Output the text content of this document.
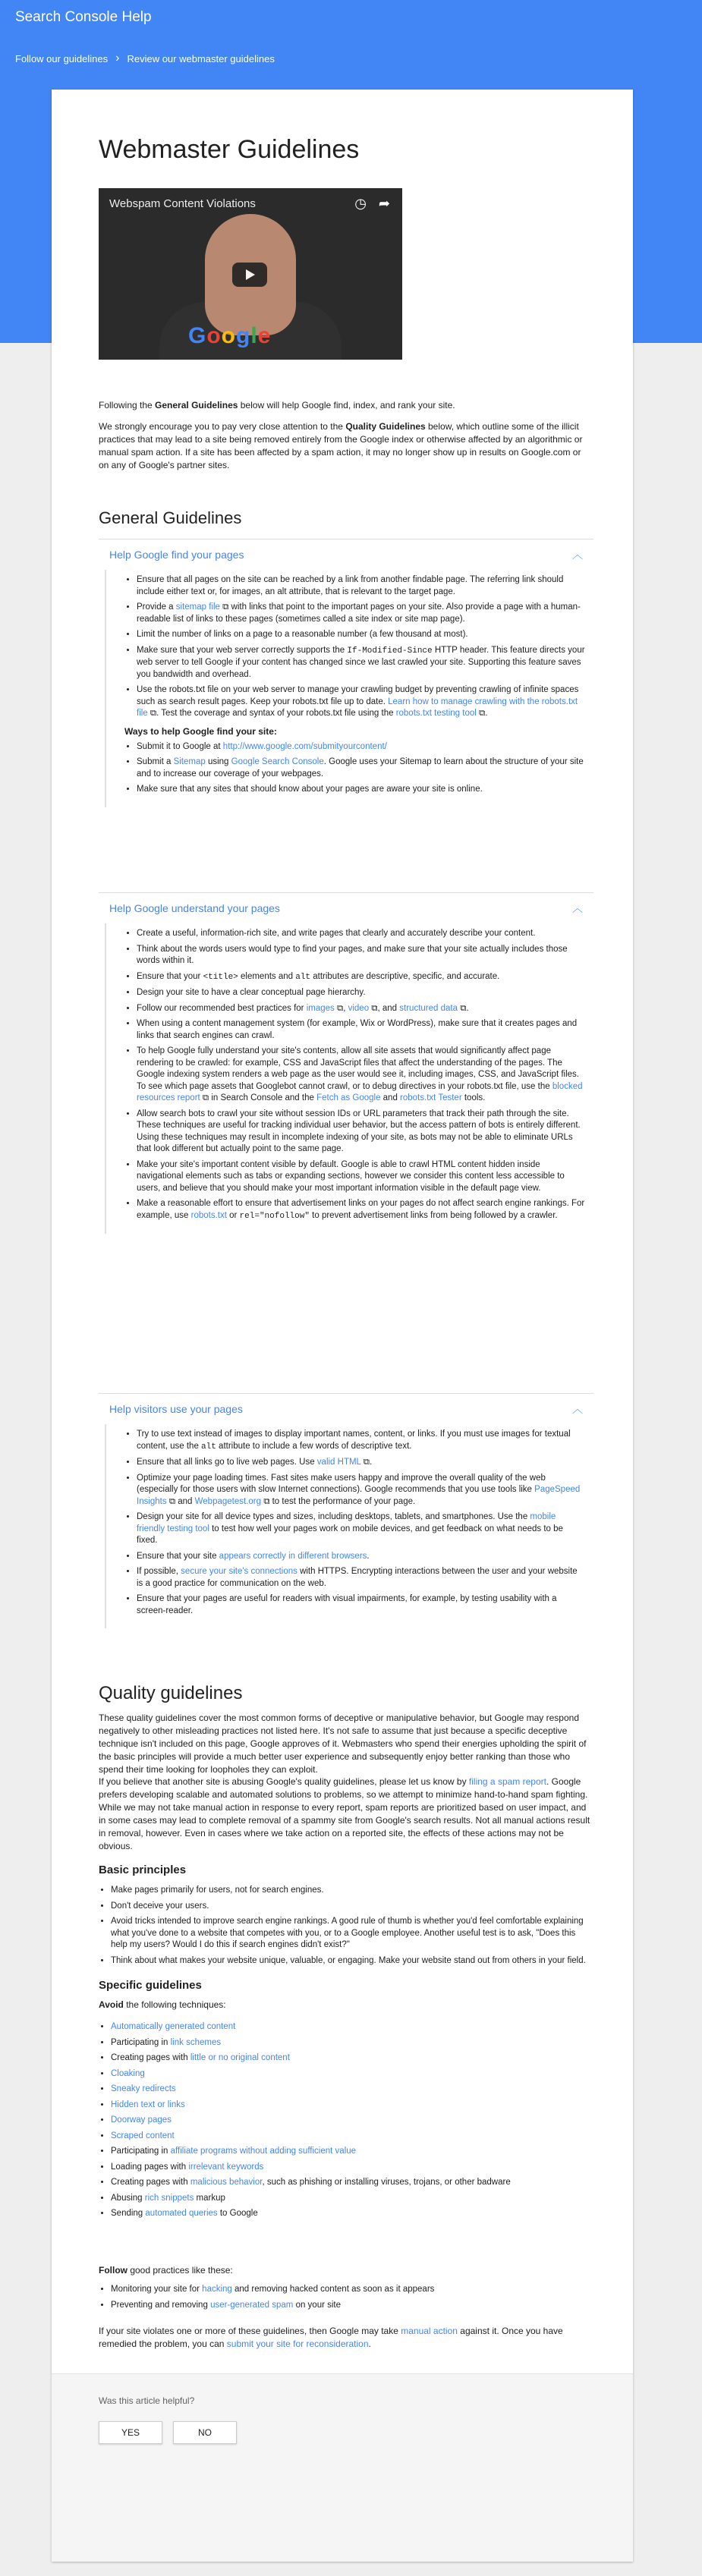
Search Console Help
Follow our guidelines › Review our webmaster guidelines
Webmaster Guidelines
Google
Webspam Content Violations	◷ ➦
Following the General Guidelines below will help Google find, index, and rank your site.
We strongly encourage you to pay very close attention to the Quality Guidelines below, which outline some of the illicit practices that may lead to a site being removed entirely from the Google index or otherwise affected by an algorithmic or manual spam action. If a site has been affected by a spam action, it may no longer show up in results on Google.com or on any of Google's partner sites.
General Guidelines
Help Google find your pages	︿
• Ensure that all pages on the site can be reached by a link from another findable page. The referring link should include either text or, for images, an alt attribute, that is relevant to the target page.
• Provide a sitemap file ⧉ with links that point to the important pages on your site. Also provide a page with a human-readable list of links to these pages (sometimes called a site index or site map page).
• Limit the number of links on a page to a reasonable number (a few thousand at most).
• Make sure that your web server correctly supports the If-Modified-Since HTTP header. This feature directs your web server to tell Google if your content has changed since we last crawled your site. Supporting this feature saves you bandwidth and overhead.
• Use the robots.txt file on your web server to manage your crawling budget by preventing crawling of infinite spaces such as search result pages. Keep your robots.txt file up to date. Learn how to manage crawling with the robots.txt file ⧉. Test the coverage and syntax of your robots.txt file using the robots.txt testing tool ⧉.
Ways to help Google find your site:
• Submit it to Google at http://www.google.com/submityourcontent/
• Submit a Sitemap using Google Search Console. Google uses your Sitemap to learn about the structure of your site and to increase our coverage of your webpages.
• Make sure that any sites that should know about your pages are aware your site is online.
Help Google understand your pages	︿
• Create a useful, information-rich site, and write pages that clearly and accurately describe your content.
• Think about the words users would type to find your pages, and make sure that your site actually includes those words within it.
• Ensure that your <title> elements and alt attributes are descriptive, specific, and accurate.
• Design your site to have a clear conceptual page hierarchy.
• Follow our recommended best practices for images ⧉, video ⧉, and structured data ⧉.
• When using a content management system (for example, Wix or WordPress), make sure that it creates pages and links that search engines can crawl.
• To help Google fully understand your site's contents, allow all site assets that would significantly affect page rendering to be crawled: for example, CSS and JavaScript files that affect the understanding of the pages. The Google indexing system renders a web page as the user would see it, including images, CSS, and JavaScript files. To see which page assets that Googlebot cannot crawl, or to debug directives in your robots.txt file, use the blocked resources report ⧉ in Search Console and the Fetch as Google and robots.txt Tester tools.
• Allow search bots to crawl your site without session IDs or URL parameters that track their path through the site. These techniques are useful for tracking individual user behavior, but the access pattern of bots is entirely different. Using these techniques may result in incomplete indexing of your site, as bots may not be able to eliminate URLs that look different but actually point to the same page.
• Make your site's important content visible by default. Google is able to crawl HTML content hidden inside navigational elements such as tabs or expanding sections, however we consider this content less accessible to users, and believe that you should make your most important information visible in the default page view.
• Make a reasonable effort to ensure that advertisement links on your pages do not affect search engine rankings. For example, use robots.txt or rel="nofollow" to prevent advertisement links from being followed by a crawler.
Help visitors use your pages	︿
• Try to use text instead of images to display important names, content, or links. If you must use images for textual content, use the alt attribute to include a few words of descriptive text.
• Ensure that all links go to live web pages. Use valid HTML ⧉.
• Optimize your page loading times. Fast sites make users happy and improve the overall quality of the web (especially for those users with slow Internet connections). Google recommends that you use tools like PageSpeed Insights ⧉ and Webpagetest.org ⧉ to test the performance of your page.
• Design your site for all device types and sizes, including desktops, tablets, and smartphones. Use the mobile friendly testing tool to test how well your pages work on mobile devices, and get feedback on what needs to be fixed.
• Ensure that your site appears correctly in different browsers.
• If possible, secure your site's connections with HTTPS. Encrypting interactions between the user and your website is a good practice for communication on the web.
• Ensure that your pages are useful for readers with visual impairments, for example, by testing usability with a screen-reader.
Quality guidelines
These quality guidelines cover the most common forms of deceptive or manipulative behavior, but Google may respond negatively to other misleading practices not listed here. It's not safe to assume that just because a specific deceptive technique isn't included on this page, Google approves of it. Webmasters who spend their energies upholding the spirit of the basic principles will provide a much better user experience and subsequently enjoy better ranking than those who spend their time looking for loopholes they can exploit.
If you believe that another site is abusing Google's quality guidelines, please let us know by filing a spam report. Google prefers developing scalable and automated solutions to problems, so we attempt to minimize hand-to-hand spam fighting. While we may not take manual action in response to every report, spam reports are prioritized based on user impact, and in some cases may lead to complete removal of a spammy site from Google's search results. Not all manual actions result in removal, however. Even in cases where we take action on a reported site, the effects of these actions may not be obvious.
Basic principles
• Make pages primarily for users, not for search engines.
• Don't deceive your users.
• Avoid tricks intended to improve search engine rankings. A good rule of thumb is whether you'd feel comfortable explaining what you've done to a website that competes with you, or to a Google employee. Another useful test is to ask, "Does this help my users? Would I do this if search engines didn't exist?"
• Think about what makes your website unique, valuable, or engaging. Make your website stand out from others in your field.
Specific guidelines
Avoid the following techniques:
• Automatically generated content
• Participating in link schemes
• Creating pages with little or no original content
• Cloaking
• Sneaky redirects
• Hidden text or links
• Doorway pages
• Scraped content
• Participating in affiliate programs without adding sufficient value
• Loading pages with irrelevant keywords
• Creating pages with malicious behavior, such as phishing or installing viruses, trojans, or other badware
• Abusing rich snippets markup
• Sending automated queries to Google
Follow good practices like these:
• Monitoring your site for hacking and removing hacked content as soon as it appears
• Preventing and removing user-generated spam on your site
If your site violates one or more of these guidelines, then Google may take manual action against it. Once you have remedied the problem, you can submit your site for reconsideration.
Was this article helpful?
YES	NO
